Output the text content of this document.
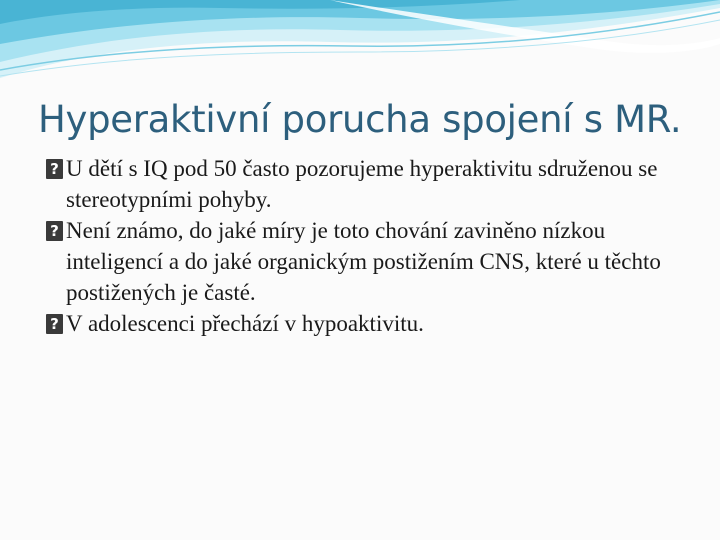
Hyperaktivní porucha spojení s MR.
? U dětí s IQ pod 50 často pozorujeme hyperaktivitu sdruženou se stereotypními pohyby.
? Není známo, do jaké míry je toto chování zaviněno nízkou inteligencí a do jaké organickým postižením CNS, které u těchto postižených je časté.
? V adolescenci přechází v hypoaktivitu.
